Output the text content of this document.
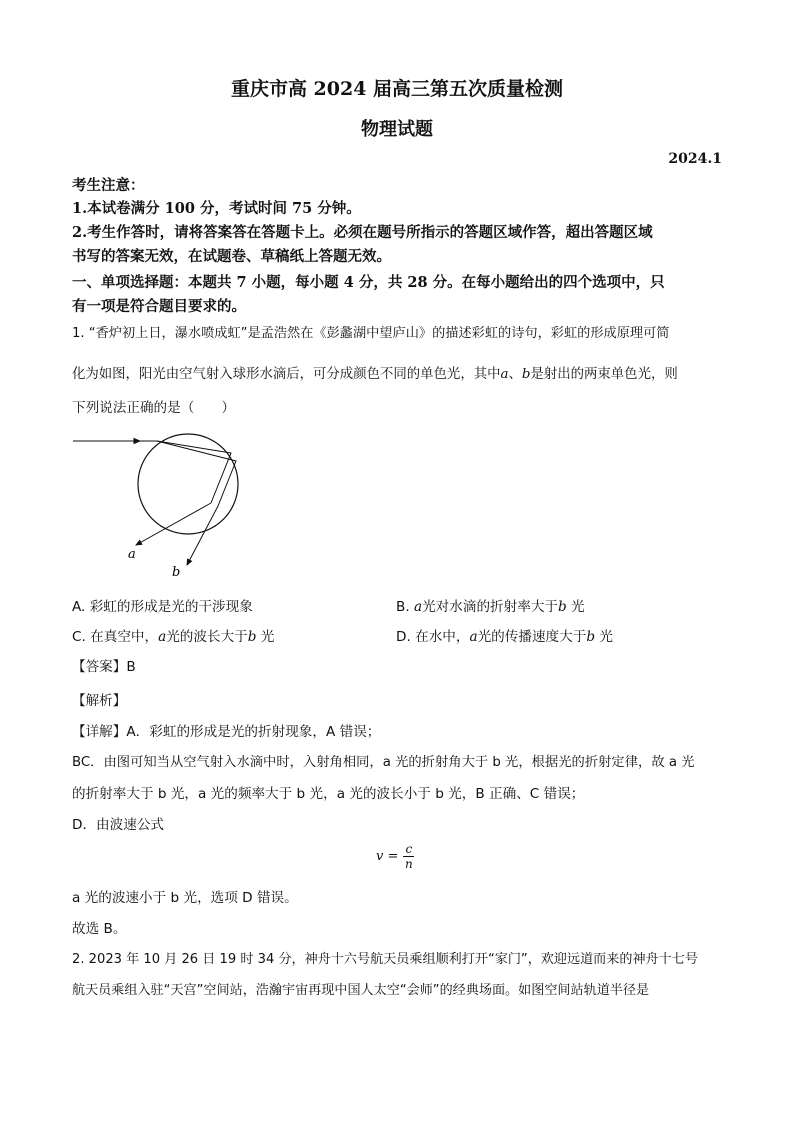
重庆市高 2024 届高三第五次质量检测
物理试题
2024.1
考生注意：
1.本试卷满分 100 分，考试时间 75 分钟。
2.考生作答时，请将答案答在答题卡上。必须在题号所指示的答题区域作答，超出答题区域
书写的答案无效，在试题卷、草稿纸上答题无效。
一、单项选择题：本题共 7 小题，每小题 4 分，共 28 分。在每小题给出的四个选项中，只
有一项是符合题目要求的。
1. “香炉初上日，瀑水喷成虹”是孟浩然在《彭蠡湖中望庐山》的描述彩虹的诗句，彩虹的形成原理可简
化为如图，阳光由空气射入球形水滴后，可分成颜色不同的单色光，其中a、b是射出的两束单色光，则
下列说法正确的是（　　）
a
b
A. 彩虹的形成是光的干涉现象	B. a光对水滴的折射率大于b 光
C. 在真空中，a光的波长大于b 光	D. 在水中，a光的传播速度大于b 光
【答案】B
【解析】
【详解】A．彩虹的形成是光的折射现象，A 错误；
BC．由图可知当从空气射入水滴中时，入射角相同，a 光的折射角大于 b 光，根据光的折射定律，故 a 光
的折射率大于 b 光，a 光的频率大于 b 光，a 光的波长小于 b 光，B 正确、C 错误；
D．由波速公式
$v = \frac{c}{n}$
a 光的波速小于 b 光，选项 D 错误。
故选 B。
2. 2023 年 10 月 26 日 19 时 34 分，神舟十六号航天员乘组顺利打开“家门”，欢迎远道而来的神舟十七号
航天员乘组入驻“天宫”空间站，浩瀚宇宙再现中国人太空“会师”的经典场面。如图空间站轨道半径是
